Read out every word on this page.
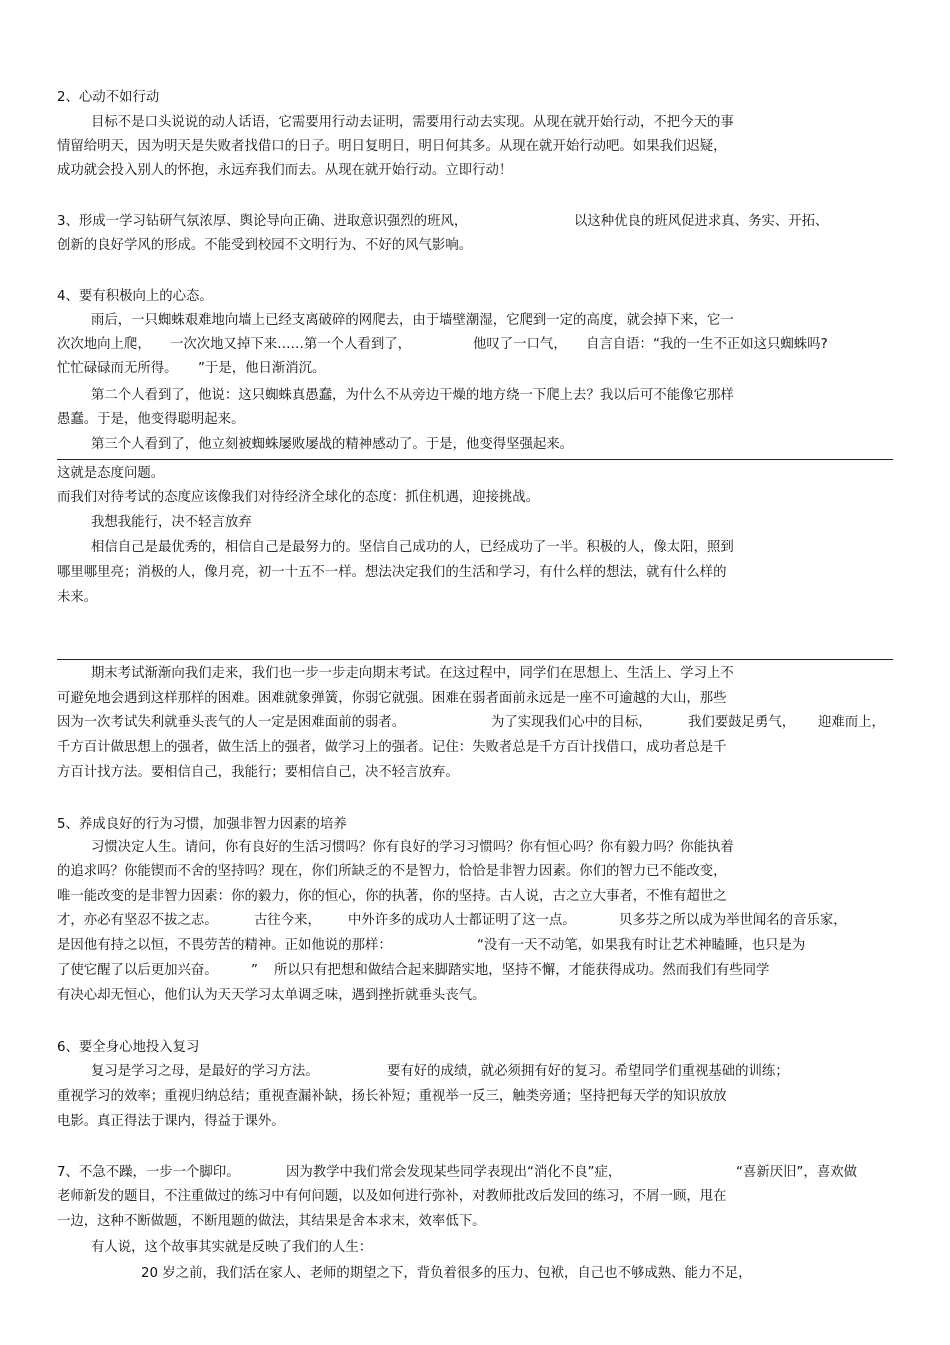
2、心动不如行动
目标不是口头说说的动人话语，它需要用行动去证明，需要用行动去实现。从现在就开始行动，不把今天的事
情留给明天，因为明天是失败者找借口的日子。明日复明日，明日何其多。从现在就开始行动吧。如果我们迟疑，
成功就会投入别人的怀抱，永远弃我们而去。从现在就开始行动。立即行动！
3、形成一学习钻研气氛浓厚、舆论导向正确、进取意识强烈的班风，	以这种优良的班风促进求真、务实、开拓、
创新的良好学风的形成。不能受到校园不文明行为、不好的风气影响。
4、要有积极向上的心态。
雨后，一只蜘蛛艰难地向墙上已经支离破碎的网爬去，由于墙壁潮湿，它爬到一定的高度，就会掉下来，它一
次次地向上爬， 一次次地又掉下来……第一个人看到了，	他叹了一口气， 自言自语：“我的一生不正如这只蜘蛛吗?
忙忙碌碌而无所得。 ”于是，他日渐消沉。
第二个人看到了，他说：这只蜘蛛真愚蠢，为什么不从旁边干燥的地方绕一下爬上去？我以后可不能像它那样
愚蠢。于是，他变得聪明起来。
第三个人看到了，他立刻被蜘蛛屡败屡战的精神感动了。于是，他变得坚强起来。
这就是态度问题。
而我们对待考试的态度应该像我们对待经济全球化的态度：抓住机遇，迎接挑战。
我想我能行，决不轻言放弃
相信自己是最优秀的，相信自己是最努力的。坚信自己成功的人，已经成功了一半。积极的人，像太阳，照到
哪里哪里亮；消极的人，像月亮，初一十五不一样。想法决定我们的生活和学习，有什么样的想法，就有什么样的
未来。
期末考试渐渐向我们走来，我们也一步一步走向期末考试。在这过程中，同学们在思想上、生活上、学习上不
可避免地会遇到这样那样的困难。困难就象弹簧，你弱它就强。困难在弱者面前永远是一座不可逾越的大山，那些
因为一次考试失利就垂头丧气的人一定是困难面前的弱者。	为了实现我们心中的目标，	我们要鼓足勇气， 迎难而上，
千方百计做思想上的强者，做生活上的强者，做学习上的强者。记住：失败者总是千方百计找借口，成功者总是千
方百计找方法。要相信自己，我能行；要相信自己，决不轻言放弃。
5、养成良好的行为习惯，加强非智力因素的培养
习惯决定人生。请问，你有良好的生活习惯吗？你有良好的学习习惯吗？你有恒心吗？你有毅力吗？你能执着
的追求吗？你能锲而不舍的坚持吗？现在，你们所缺乏的不是智力，恰恰是非智力因素。你们的智力已不能改变，
唯一能改变的是非智力因素：你的毅力，你的恒心，你的执著，你的坚持。古人说，古之立大事者，不惟有超世之
才，亦必有坚忍不拔之志。	古往今来， 中外许多的成功人士都证明了这一点。	贝多芬之所以成为举世闻名的音乐家，
是因他有持之以恒，不畏劳苦的精神。正如他说的那样：	“没有一天不动笔，如果我有时让艺术神瞌睡，也只是为
了使它醒了以后更加兴奋。 ” 所以只有把想和做结合起来脚踏实地，坚持不懈，才能获得成功。然而我们有些同学
有决心却无恒心，他们认为天天学习太单调乏味，遇到挫折就垂头丧气。
6、要全身心地投入复习
复习是学习之母，是最好的学习方法。	要有好的成绩，就必须拥有好的复习。希望同学们重视基础的训练；
重视学习的效率；重视归纳总结；重视查漏补缺，扬长补短；重视举一反三，触类旁通；坚持把每天学的知识放放
电影。真正得法于课内，得益于课外。
7、不急不躁，一步一个脚印。	因为教学中我们常会发现某些同学表现出“消化不良”症，	“喜新厌旧”，喜欢做
老师新发的题目，不注重做过的练习中有何问题，以及如何进行弥补，对教师批改后发回的练习，不屑一顾，甩在
一边，这种不断做题，不断甩题的做法，其结果是舍本求末，效率低下。
有人说，这个故事其实就是反映了我们的人生：
20 岁之前，我们活在家人、老师的期望之下，背负着很多的压力、包袱，自己也不够成熟、能力不足，
